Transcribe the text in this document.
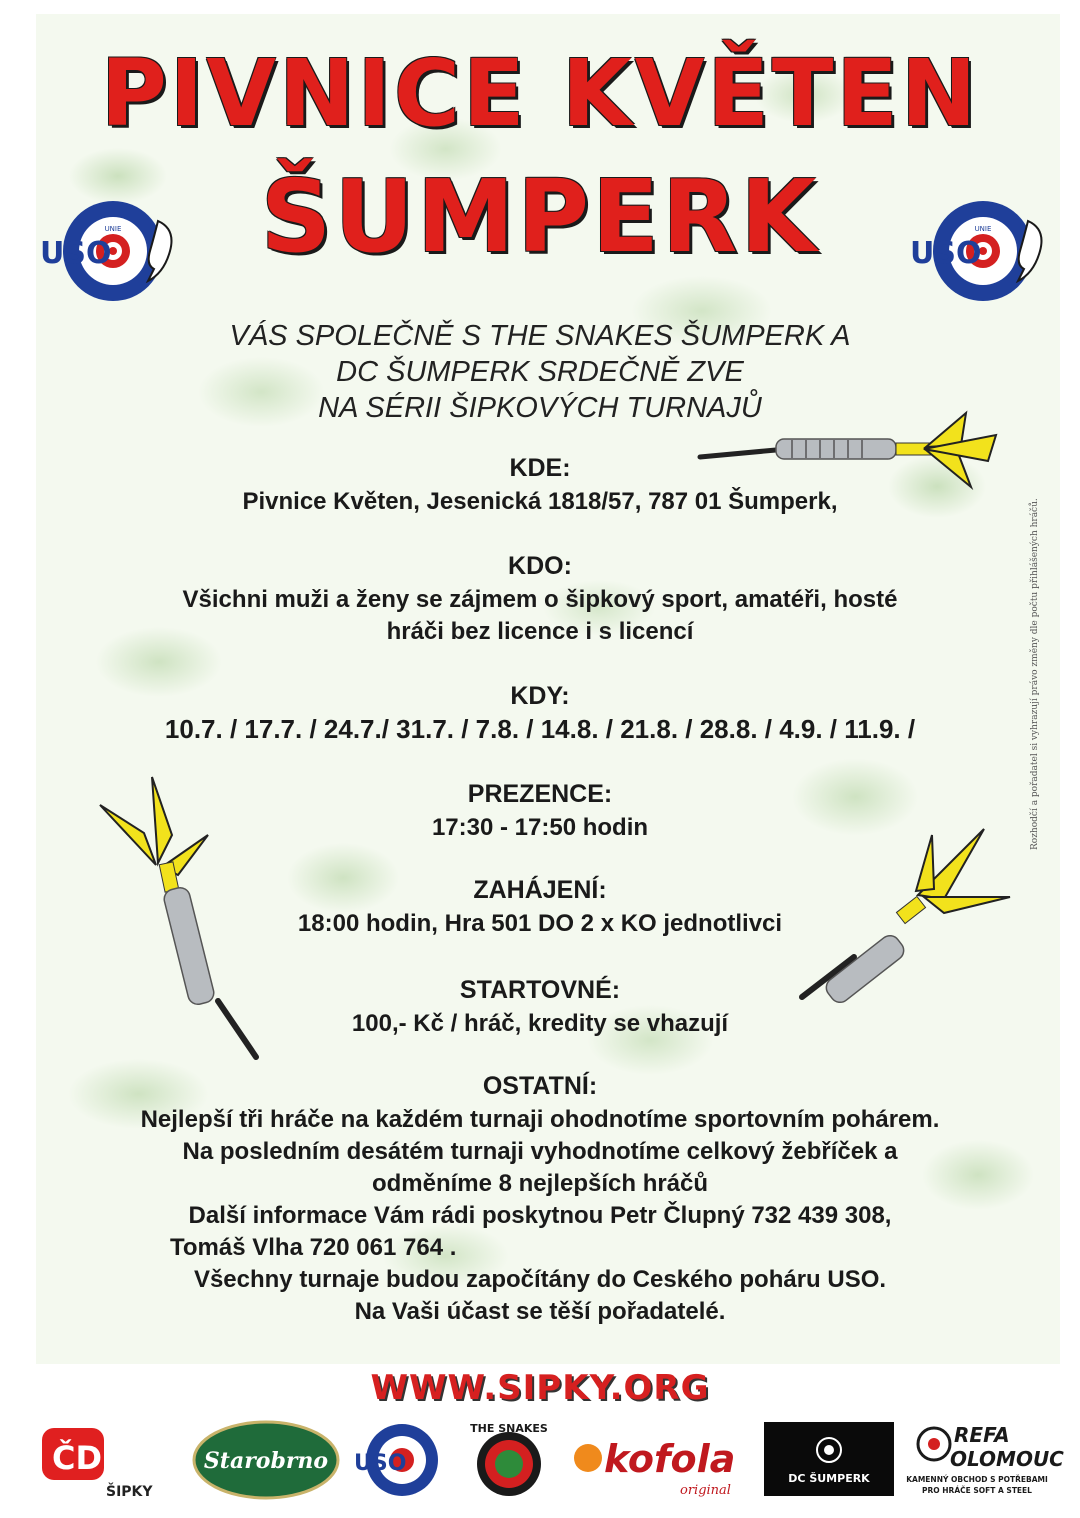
PIVNICE KVĚTEN
ŠUMPERK
UNIE
USO
UNIE
USO
VÁS SPOLEČNĚ S THE SNAKES ŠUMPERK A
DC ŠUMPERK SRDEČNĚ ZVE
NA SÉRII ŠIPKOVÝCH TURNAJŮ
KDE:
Pivnice Květen, Jesenická 1818/57, 787 01 Šumperk,
KDO:
Všichni muži a ženy se zájmem o šipkový sport, amatéři, hosté
hráči bez licence i s licencí
KDY:
10.7. / 17.7. / 24.7./ 31.7. / 7.8. / 14.8. / 21.8. / 28.8. / 4.9. / 11.9. /
PREZENCE:
17:30 - 17:50 hodin
ZAHÁJENÍ:
18:00 hodin, Hra 501 DO 2 x KO jednotlivci
STARTOVNÉ:
100,- Kč / hráč, kredity se vhazují
OSTATNÍ:
Nejlepší tři hráče na každém turnaji ohodnotíme sportovním pohárem.
Na posledním desátém turnaji vyhodnotíme celkový žebříček a
odměníme 8 nejlepších hráčů
Další informace Vám rádi poskytnou Petr Člupný 732 439 308,
Tomáš Vlha 720 061 764 .
Všechny turnaje budou započítány do Ceského poháru USO.
Na Vaši účast se těší pořadatelé.
Rozhodčí a pořadatel si vyhrazují právo změny dle počtu přihlášených hráčů.
WWW.SIPKY.ORG
ČDS
ŠIPKY
Starobrno USO
THE SNAKES
kofola
original
DC ŠUMPERK
REFA
OLOMOUC
KAMENNÝ OBCHOD S POTŘEBAMI
PRO HRÁČE SOFT A STEEL
